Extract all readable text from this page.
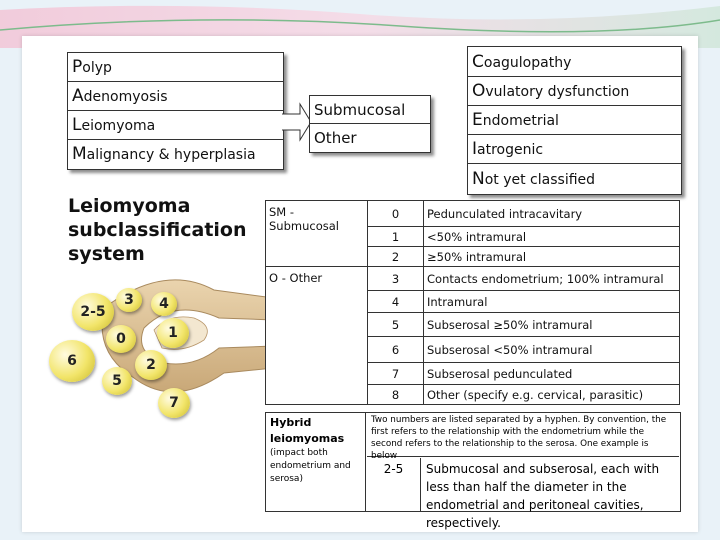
Polyp
Adenomyosis
Leiomyoma
Malignancy & hyperplasia
Submucosal
Other
Coagulopathy
Ovulatory dysfunction
Endometrial
Iatrogenic
Not yet classified
Leiomyoma
subclassification
system
2-5
3 4
0	1
6	2
5
7
SM - Submucosal	0	Pedunculated intracavitary
	1	<50% intramural
	2	≥50% intramural
O - Other	3	Contacts endometrium; 100% intramural
	4	Intramural
	5	Subserosal ≥50% intramural
	6	Subserosal <50% intramural
	7	Subserosal pedunculated
	8	Other (specify e.g. cervical, parasitic)
Hybrid leiomyomas
(impact both endometrium and serosa)
Two numbers are listed separated by a hyphen. By convention, the first refers to the relationship with the endometrium while the second refers to the relationship to the serosa. One example is below
2-5	Submucosal and subserosal, each with less than half the diameter in the endometrial and peritoneal cavities, respectively.
